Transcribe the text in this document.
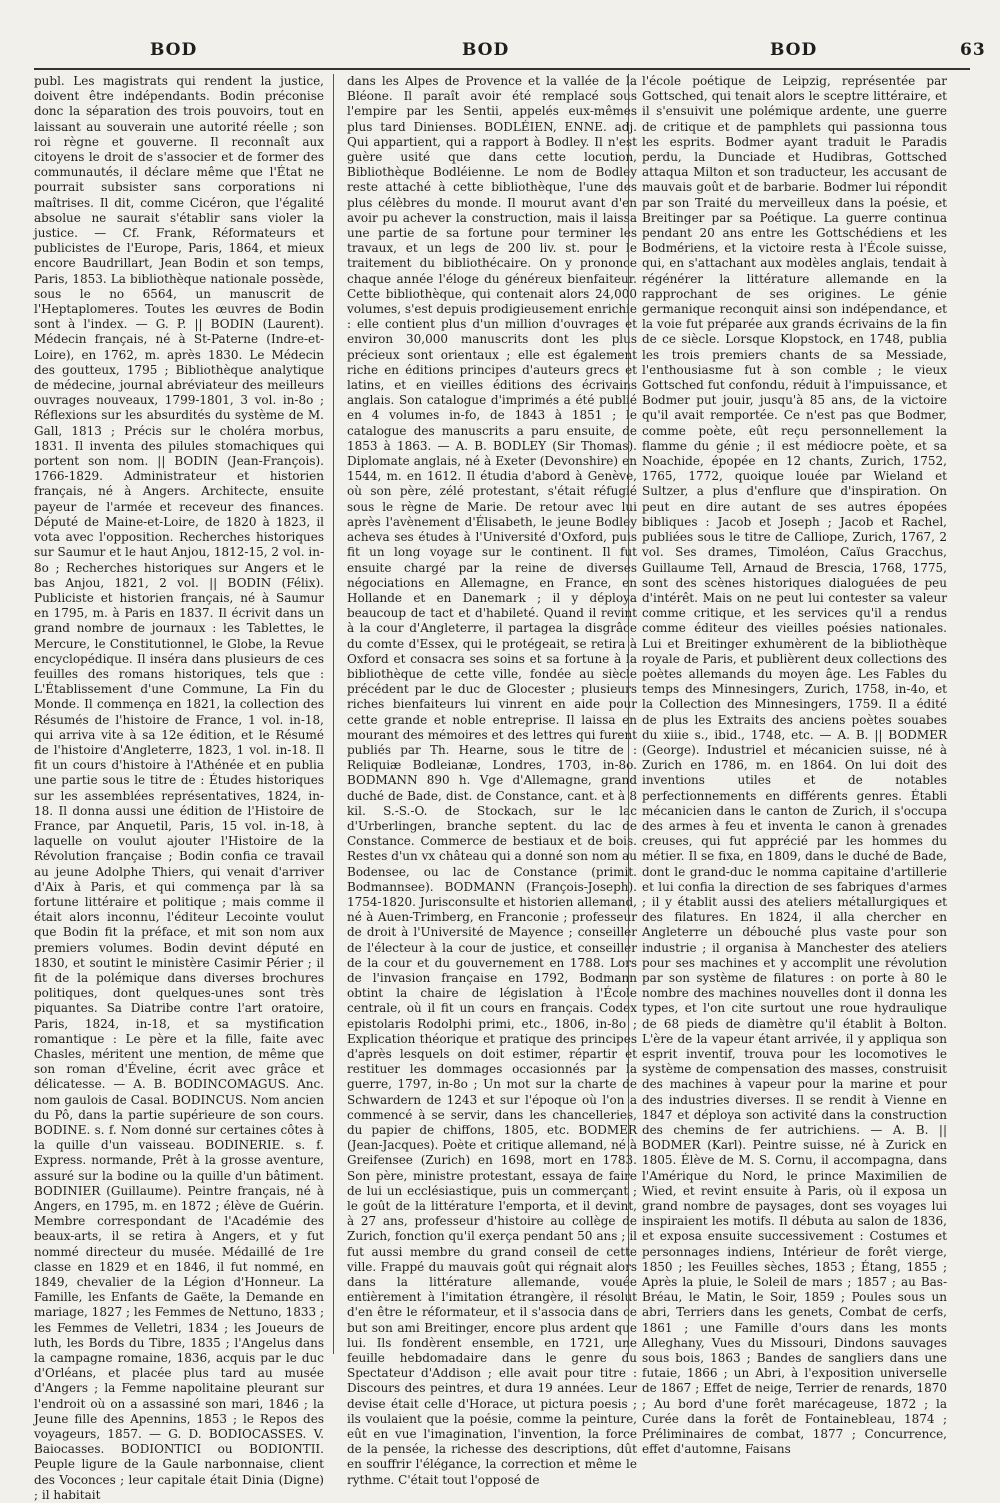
BOD	BOD	BOD	63

publ. Les magistrats qui rendent la justice, doivent être indépendants. Bodin préconise donc la séparation des trois pouvoirs, tout en laissant au souverain une autorité réelle ; son roi règne et gouverne. Il reconnaît aux citoyens le droit de s'associer et de former des communautés, il déclare même que l'État ne pourrait subsister sans corporations ni maîtrises. Il dit, comme Cicéron, que l'égalité absolue ne saurait s'établir sans violer la justice. — Cf. Frank, Réformateurs et publicistes de l'Europe, Paris, 1864, et mieux encore Baudrillart, Jean Bodin et son temps, Paris, 1853. La bibliothèque nationale possède, sous le no 6564, un manuscrit de l'Heptaplomeres. Toutes les œuvres de Bodin sont à l'index. — G. P. || BODIN (Laurent). Médecin français, né à St-Paterne (Indre-et-Loire), en 1762, m. après 1830. Le Médecin des goutteux, 1795 ; Bibliothèque analytique de médecine, journal abréviateur des meilleurs ouvrages nouveaux, 1799-1801, 3 vol. in-8o ; Réflexions sur les absurdités du système de M. Gall, 1813 ; Précis sur le choléra morbus, 1831. Il inventa des pilules stomachiques qui portent son nom. || BODIN (Jean-François). 1766-1829. Administrateur et historien français, né à Angers. Architecte, ensuite payeur de l'armée et receveur des finances. Député de Maine-et-Loire, de 1820 à 1823, il vota avec l'opposition. Recherches historiques sur Saumur et le haut Anjou, 1812-15, 2 vol. in-8o ; Recherches historiques sur Angers et le bas Anjou, 1821, 2 vol. || BODIN (Félix). Publiciste et historien français, né à Saumur en 1795, m. à Paris en 1837. Il écrivit dans un grand nombre de journaux : les Tablettes, le Mercure, le Constitutionnel, le Globe, la Revue encyclopédique. Il inséra dans plusieurs de ces feuilles des romans historiques, tels que : L'Établissement d'une Commune, La Fin du Monde. Il commença en 1821, la collection des Résumés de l'histoire de France, 1 vol. in-18, qui arriva vite à sa 12e édition, et le Résumé de l'histoire d'Angleterre, 1823, 1 vol. in-18. Il fit un cours d'histoire à l'Athénée et en publia une partie sous le titre de : Études historiques sur les assemblées représentatives, 1824, in-18. Il donna aussi une édition de l'Histoire de France, par Anquetil, Paris, 15 vol. in-18, à laquelle on voulut ajouter l'Histoire de la Révolution française ; Bodin confia ce travail au jeune Adolphe Thiers, qui venait d'arriver d'Aix à Paris, et qui commença par là sa fortune littéraire et politique ; mais comme il était alors inconnu, l'éditeur Lecointe voulut que Bodin fit la préface, et mit son nom aux premiers volumes. Bodin devint député en 1830, et soutint le ministère Casimir Périer ; il fit de la polémique dans diverses brochures politiques, dont quelques-unes sont très piquantes. Sa Diatribe contre l'art oratoire, Paris, 1824, in-18, et sa mystification romantique : Le père et la fille, faite avec Chasles, méritent une mention, de même que son roman d'Éveline, écrit avec grâce et délicatesse. — A. B. BODINCOMAGUS. Anc. nom gaulois de Casal. BODINCUS. Nom ancien du Pô, dans la partie supérieure de son cours. BODINE. s. f. Nom donné sur certaines côtes à la quille d'un vaisseau. BODINERIE. s. f. Express. normande, Prêt à la grosse aventure, assuré sur la bodine ou la quille d'un bâtiment. BODINIER (Guillaume). Peintre français, né à Angers, en 1795, m. en 1872 ; élève de Guérin. Membre correspondant de l'Académie des beaux-arts, il se retira à Angers, et y fut nommé directeur du musée. Médaillé de 1re classe en 1829 et en 1846, il fut nommé, en 1849, chevalier de la Légion d'Honneur. La Famille, les Enfants de Gaëte, la Demande en mariage, 1827 ; les Femmes de Nettuno, 1833 ; les Femmes de Velletri, 1834 ; les Joueurs de luth, les Bords du Tibre, 1835 ; l'Angelus dans la campagne romaine, 1836, acquis par le duc d'Orléans, et placée plus tard au musée d'Angers ; la Femme napolitaine pleurant sur l'endroit où on a assassiné son mari, 1846 ; la Jeune fille des Apennins, 1853 ; le Repos des voyageurs, 1857. — G. D. BODIOCASSES. V. Baiocasses. BODIONTICI ou BODIONTII. Peuple ligure de la Gaule narbonnaise, client des Voconces ; leur capitale était Dinia (Digne) ; il habitait

dans les Alpes de Provence et la vallée de la Bléone. Il paraît avoir été remplacé sous l'empire par les Sentii, appelés eux-mêmes plus tard Dinienses. BODLÉIEN, ENNE. adj. Qui appartient, qui a rapport à Bodley. Il n'est guère usité que dans cette locution, Bibliothèque Bodléienne. Le nom de Bodley reste attaché à cette bibliothèque, l'une des plus célèbres du monde. Il mourut avant d'en avoir pu achever la construction, mais il laissa une partie de sa fortune pour terminer les travaux, et un legs de 200 liv. st. pour le traitement du bibliothécaire. On y prononce chaque année l'éloge du généreux bienfaiteur. Cette bibliothèque, qui contenait alors 24,000 volumes, s'est depuis prodigieusement enrichie : elle contient plus d'un million d'ouvrages et environ 30,000 manuscrits dont les plus précieux sont orientaux ; elle est également riche en éditions principes d'auteurs grecs et latins, et en vieilles éditions des écrivains anglais. Son catalogue d'imprimés a été publié en 4 volumes in-fo, de 1843 à 1851 ; le catalogue des manuscrits a paru ensuite, de 1853 à 1863. — A. B. BODLEY (Sir Thomas). Diplomate anglais, né à Exeter (Devonshire) en 1544, m. en 1612. Il étudia d'abord à Genève, où son père, zélé protestant, s'était réfugié sous le règne de Marie. De retour avec lui après l'avènement d'Élisabeth, le jeune Bodley acheva ses études à l'Université d'Oxford, puis fit un long voyage sur le continent. Il fut ensuite chargé par la reine de diverses négociations en Allemagne, en France, en Hollande et en Danemark ; il y déploya beaucoup de tact et d'habileté. Quand il revint à la cour d'Angleterre, il partagea la disgrâce du comte d'Essex, qui le protégeait, se retira à Oxford et consacra ses soins et sa fortune à la bibliothèque de cette ville, fondée au siècle précédent par le duc de Glocester ; plusieurs riches bienfaiteurs lui vinrent en aide pour cette grande et noble entreprise. Il laissa en mourant des mémoires et des lettres qui furent publiés par Th. Hearne, sous le titre de : Reliquiæ Bodleianæ, Londres, 1703, in-8o. BODMANN 890 h. Vge d'Allemagne, grand duché de Bade, dist. de Constance, cant. et à 8 kil. S.-S.-O. de Stockach, sur le lac d'Urberlingen, branche septent. du lac de Constance. Commerce de bestiaux et de bois. Restes d'un vx château qui a donné son nom au Bodensee, ou lac de Constance (primit. Bodmannsee). BODMANN (François-Joseph). 1754-1820. Jurisconsulte et historien allemand, né à Auen-Trimberg, en Franconie ; professeur de droit à l'Université de Mayence ; conseiller de l'électeur à la cour de justice, et conseiller de la cour et du gouvernement en 1788. Lors de l'invasion française en 1792, Bodmann obtint la chaire de législation à l'École centrale, où il fit un cours en français. Codex epistolaris Rodolphi primi, etc., 1806, in-8o ; Explication théorique et pratique des principes d'après lesquels on doit estimer, répartir et restituer les dommages occasionnés par la guerre, 1797, in-8o ; Un mot sur la charte de Schwardern de 1243 et sur l'époque où l'on a commencé à se servir, dans les chancelleries, du papier de chiffons, 1805, etc. BODMER (Jean-Jacques). Poète et critique allemand, né à Greifensee (Zurich) en 1698, mort en 1783. Son père, ministre protestant, essaya de faire de lui un ecclésiastique, puis un commerçant ; le goût de la littérature l'emporta, et il devint, à 27 ans, professeur d'histoire au collège de Zurich, fonction qu'il exerça pendant 50 ans ; il fut aussi membre du grand conseil de cette ville. Frappé du mauvais goût qui régnait alors dans la littérature allemande, vouée entièrement à l'imitation étrangère, il résolut d'en être le réformateur, et il s'associa dans ce but son ami Breitinger, encore plus ardent que lui. Ils fondèrent ensemble, en 1721, une feuille hebdomadaire dans le genre du Spectateur d'Addison ; elle avait pour titre : Discours des peintres, et dura 19 années. Leur devise était celle d'Horace, ut pictura poesis ; ils voulaient que la poésie, comme la peinture, eût en vue l'imagination, l'invention, la force de la pensée, la richesse des descriptions, dût en souffrir l'élégance, la correction et même le rythme. C'était tout l'opposé de

l'école poétique de Leipzig, représentée par Gottsched, qui tenait alors le sceptre littéraire, et il s'ensuivit une polémique ardente, une guerre de critique et de pamphlets qui passionna tous les esprits. Bodmer ayant traduit le Paradis perdu, la Dunciade et Hudibras, Gottsched attaqua Milton et son traducteur, les accusant de mauvais goût et de barbarie. Bodmer lui répondit par son Traité du merveilleux dans la poésie, et Breitinger par sa Poétique. La guerre continua pendant 20 ans entre les Gottschédiens et les Bodmériens, et la victoire resta à l'École suisse, qui, en s'attachant aux modèles anglais, tendait à régénérer la littérature allemande en la rapprochant de ses origines. Le génie germanique reconquit ainsi son indépendance, et la voie fut préparée aux grands écrivains de la fin de ce siècle. Lorsque Klopstock, en 1748, publia les trois premiers chants de sa Messiade, l'enthousiasme fut à son comble ; le vieux Gottsched fut confondu, réduit à l'impuissance, et Bodmer put jouir, jusqu'à 85 ans, de la victoire qu'il avait remportée. Ce n'est pas que Bodmer, comme poète, eût reçu personnellement la flamme du génie ; il est médiocre poète, et sa Noachide, épopée en 12 chants, Zurich, 1752, 1765, 1772, quoique louée par Wieland et Sultzer, a plus d'enflure que d'inspiration. On peut en dire autant de ses autres épopées bibliques : Jacob et Joseph ; Jacob et Rachel, publiées sous le titre de Calliope, Zurich, 1767, 2 vol. Ses drames, Timoléon, Caïus Gracchus, Guillaume Tell, Arnaud de Brescia, 1768, 1775, sont des scènes historiques dialoguées de peu d'intérêt. Mais on ne peut lui contester sa valeur comme critique, et les services qu'il a rendus comme éditeur des vieilles poésies nationales. Lui et Breitinger exhumèrent de la bibliothèque royale de Paris, et publièrent deux collections des poètes allemands du moyen âge. Les Fables du temps des Minnesingers, Zurich, 1758, in-4o, et la Collection des Minnesingers, 1759. Il a édité de plus les Extraits des anciens poètes souabes du xiiie s., ibid., 1748, etc. — A. B. || BODMER (George). Industriel et mécanicien suisse, né à Zurich en 1786, m. en 1864. On lui doit des inventions utiles et de notables perfectionnements en différents genres. Établi mécanicien dans le canton de Zurich, il s'occupa des armes à feu et inventa le canon à grenades creuses, qui fut apprécié par les hommes du métier. Il se fixa, en 1809, dans le duché de Bade, dont le grand-duc le nomma capitaine d'artillerie et lui confia la direction de ses fabriques d'armes ; il y établit aussi des ateliers métallurgiques et des filatures. En 1824, il alla chercher en Angleterre un débouché plus vaste pour son industrie ; il organisa à Manchester des ateliers pour ses machines et y accomplit une révolution par son système de filatures : on porte à 80 le nombre des machines nouvelles dont il donna les types, et l'on cite surtout une roue hydraulique de 68 pieds de diamètre qu'il établit à Bolton. L'ère de la vapeur étant arrivée, il y appliqua son esprit inventif, trouva pour les locomotives le système de compensation des masses, construisit des machines à vapeur pour la marine et pour des industries diverses. Il se rendit à Vienne en 1847 et déploya son activité dans la construction des chemins de fer autrichiens. — A. B. || BODMER (Karl). Peintre suisse, né à Zurick en 1805. Élève de M. S. Cornu, il accompagna, dans l'Amérique du Nord, le prince Maximilien de Wied, et revint ensuite à Paris, où il exposa un grand nombre de paysages, dont ses voyages lui inspiraient les motifs. Il débuta au salon de 1836, et exposa ensuite successivement : Costumes et personnages indiens, Intérieur de forêt vierge, 1850 ; les Feuilles sèches, 1853 ; Étang, 1855 ; Après la pluie, le Soleil de mars ; 1857 ; au Bas-Bréau, le Matin, le Soir, 1859 ; Poules sous un abri, Terriers dans les genets, Combat de cerfs, 1861 ; une Famille d'ours dans les monts Alleghany, Vues du Missouri, Dindons sauvages sous bois, 1863 ; Bandes de sangliers dans une futaie, 1866 ; un Abri, à l'exposition universelle de 1867 ; Effet de neige, Terrier de renards, 1870 ; Au bord d'une forêt marécageuse, 1872 ; la Curée dans la forêt de Fontainebleau, 1874 ; Préliminaires de combat, 1877 ; Concurrence, effet d'automne, Faisans
